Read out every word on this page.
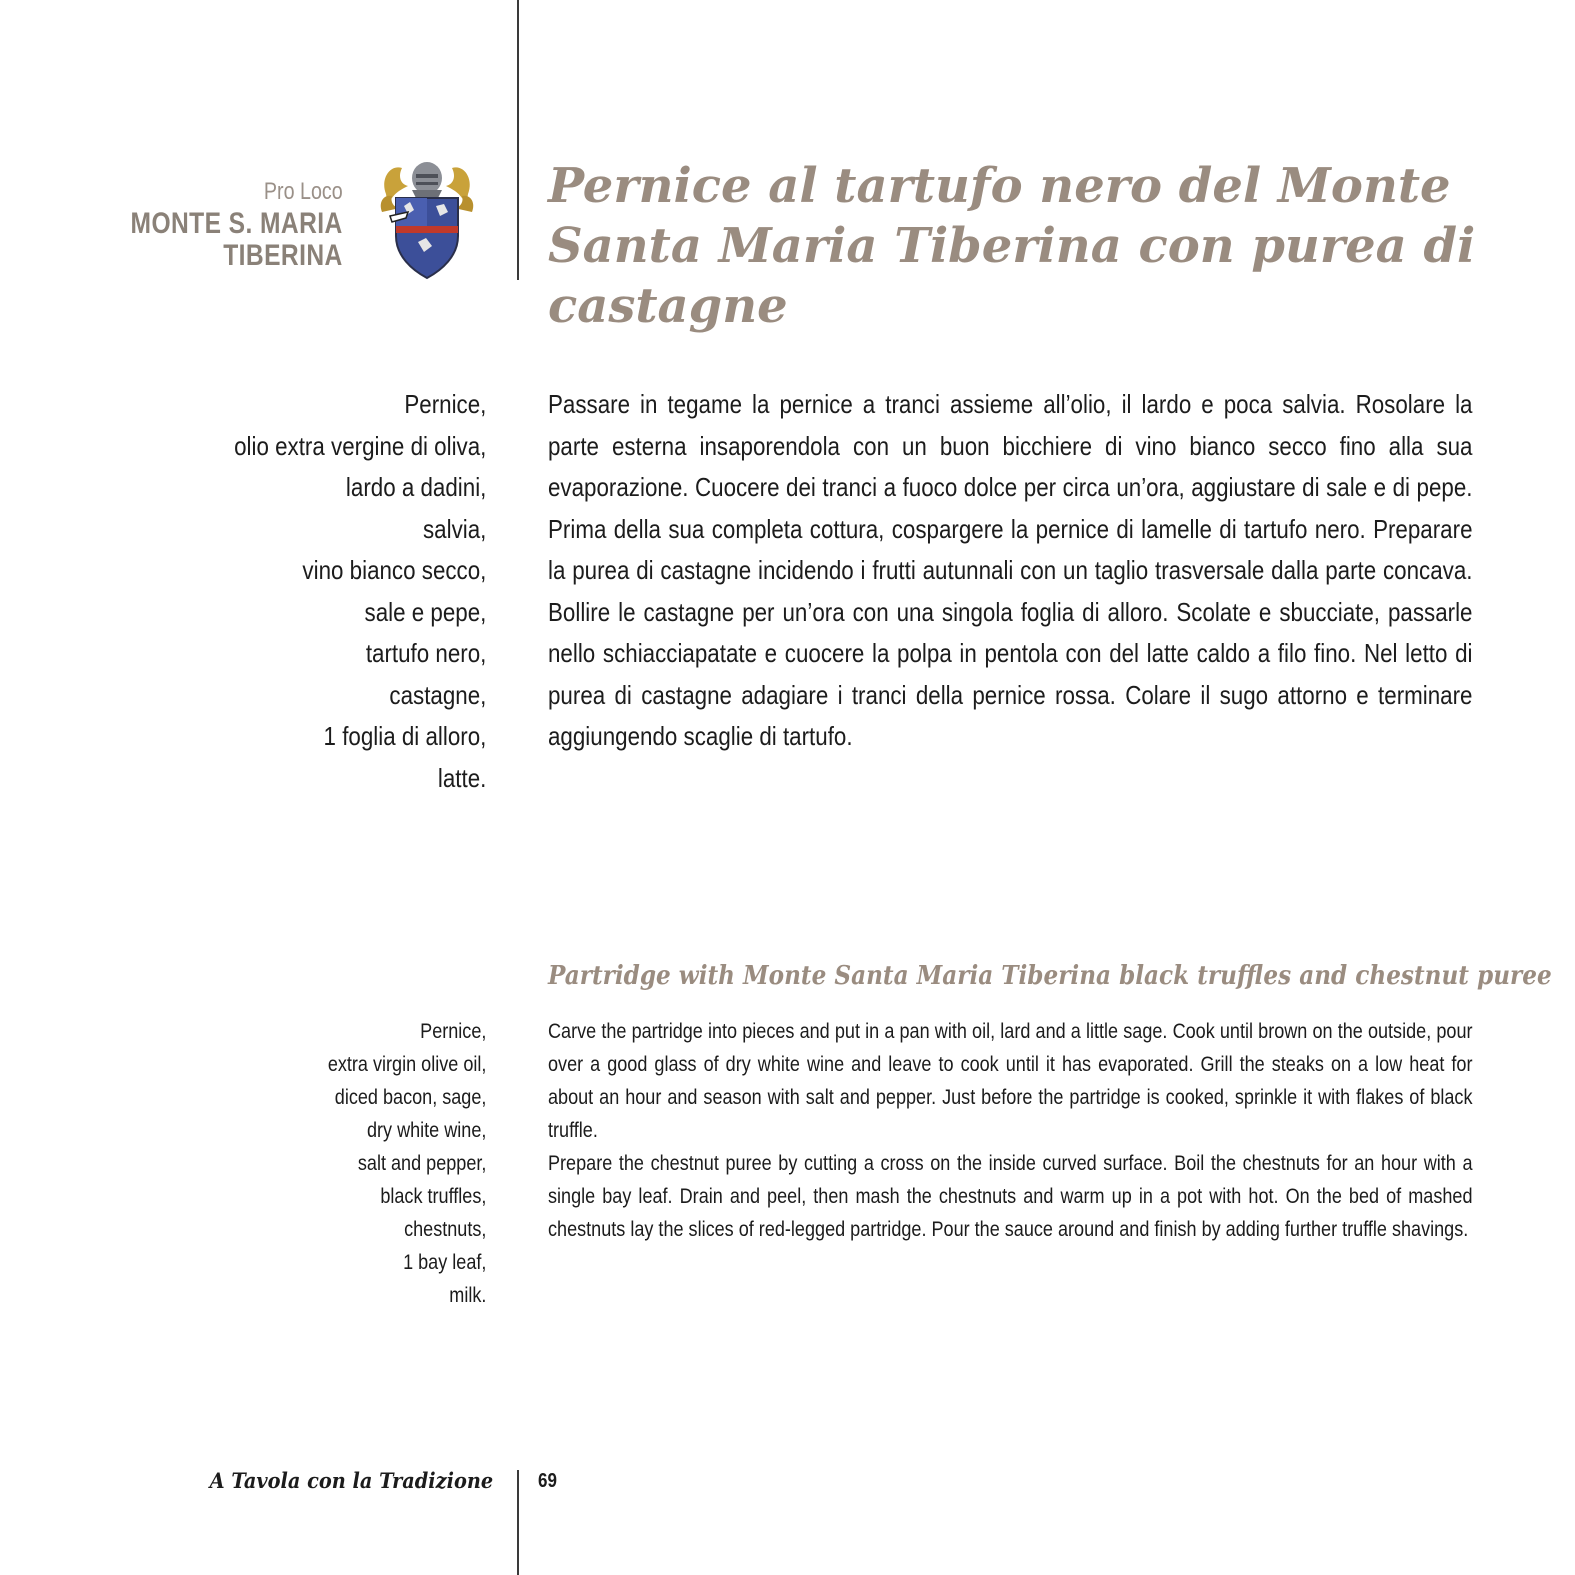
Pro Loco
MONTE S. MARIA
TIBERINA
Pernice al tartufo nero del Monte Santa Maria Tiberina con purea di castagne
Pernice,
olio extra vergine di oliva,
lardo a dadini,
salvia,
vino bianco secco,
sale e pepe,
tartufo nero,
castagne,
1 foglia di alloro,
latte.

Passare in tegame la pernice a tranci assieme all’olio, il lardo e poca salvia. Rosolare la parte esterna insaporendola con un buon bicchiere di vino bianco secco fino alla sua evaporazione. Cuocere dei tranci a fuoco dolce per circa un’ora, aggiustare di sale e di pepe. Prima della sua completa cottura, cospargere la pernice di lamelle di tartufo nero. Preparare la purea di castagne incidendo i frutti autunnali con un taglio trasversale dalla parte concava. Bollire le castagne per un’ora con una singola foglia di alloro. Scolate e sbucciate, passarle nello schiacciapatate e cuocere la polpa in pentola con del latte caldo a filo fino. Nel letto di purea di castagne adagiare i tranci della pernice rossa. Colare il sugo attorno e terminare aggiungendo scaglie di tartufo.

Partridge with Monte Santa Maria Tiberina black truffles and chestnut puree
Pernice,
extra virgin olive oil,
diced bacon, sage,
dry white wine,
salt and pepper,
black truffles,
chestnuts,
1 bay leaf,
milk.

Carve the partridge into pieces and put in a pan with oil, lard and a little sage. Cook until brown on the outside, pour over a good glass of dry white wine and leave to cook until it has evaporated. Grill the steaks on a low heat for about an hour and season with salt and pepper. Just before the partridge is cooked, sprinkle it with flakes of black truffle.

Prepare the chestnut puree by cutting a cross on the inside curved surface. Boil the chestnuts for an hour with a single bay leaf. Drain and peel, then mash the chestnuts and warm up in a pot with hot. On the bed of mashed chestnuts lay the slices of red-legged partridge. Pour the sauce around and finish by adding further truffle shavings.

A Tavola con la Tradizione 69
